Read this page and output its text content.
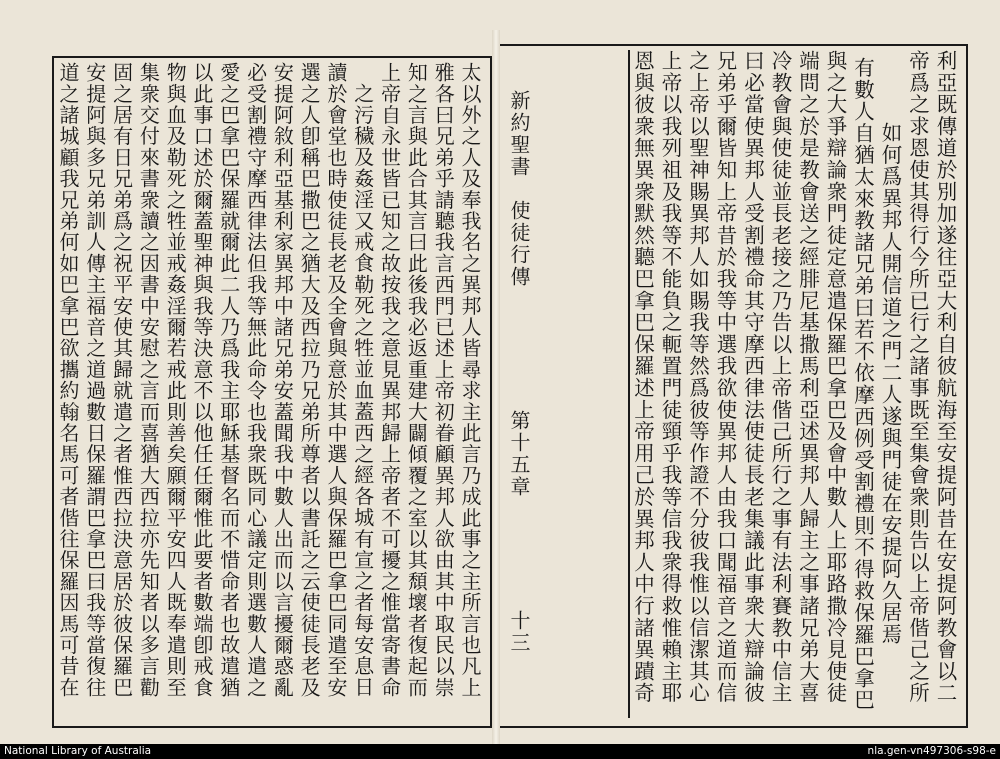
利亞既傳道於別加遂往亞大利自彼航海至安提阿昔在安提阿教會以二
帝爲之求恩使其得行今所已行之諸事既至集會衆則告以上帝偕己之所
如何爲異邦人開信道之門二人遂與門徒在安提阿久居焉
有數人自猶太來教諸兄弟曰若不依摩西例受割禮則不得救保羅巴拿巴
與之大爭辯論衆門徒定意遣保羅巴拿巴及會中數人上耶路撒冷見使徒
端問之於是教會送之經腓尼基撒馬利亞述異邦人歸主之事諸兄弟大喜
冷教會與使徒並長老接之乃告以上帝偕己所行之事有法利賽教中信主
曰必當使異邦人受割禮命其守摩西律法使徒長老集議此事衆大辯論彼
兄弟乎爾皆知上帝昔於我等中選我欲使異邦人由我口聞福音之道而信
之上帝以聖神賜異邦人如賜我等然爲彼等作證不分彼我惟以信潔其心
上帝以我列祖及我等不能負之軛置門徒頸乎我等信我衆得救惟賴主耶
恩與彼衆無異衆默然聽巴拿巴保羅述上帝用己於異邦人中行諸異蹟奇
新約聖書
使徒行傳
第十五章
十三
太以外之人及奉我名之異邦人皆尋求主此言乃成此事之主所言也凡上
雅各曰兄弟乎請聽我言西門已述上帝初眷顧異邦人欲由其中取民以崇
知之言與此合其言曰此後我必返重建大闢傾覆之室以其頹壞者復起而
上帝自永世皆已知之故按我之意見異邦歸上帝者不可擾之惟當寄書命
之污穢及姦淫又戒食勒死之牲並血蓋西之經各城有宣之者每安息日
讀於會堂也時使徒長老及全會與意於其中選人與保羅巴拿巴同遣至安
選之人卽稱巴撒巴之猶大及西拉乃兄弟所尊者以書託之云使徒長老及
安提阿敘利亞基利家異邦中諸兄弟安蓋聞我中數人出而以言擾爾惑亂
必受割禮守摩西律法但我等無此命令也我衆既同心議定則選數人遣之
愛之巴拿巴保羅就爾此二人乃爲我主耶穌基督名而不惜命者也故遣猶
以此事口述於爾蓋聖神與我等決意不以他任任爾惟此要者數端卽戒食
物與血及勒死之牲並戒姦淫爾若戒此則善矣願爾平安四人既奉遣則至
集衆交付來書衆讀之因書中安慰之言而喜猶大西拉亦先知者以多言勸
固之居有日兄弟爲之祝平安使其歸就遣之者惟西拉決意居於彼保羅巴
安提阿與多兄弟訓人傳主福音之道過數日保羅謂巴拿巴曰我等當復往
道之諸城顧我兄弟何如巴拿巴欲攜約翰名馬可者偕往保羅因馬可昔在
National Library of Australia	nla.gen-vn497306-s98-e
